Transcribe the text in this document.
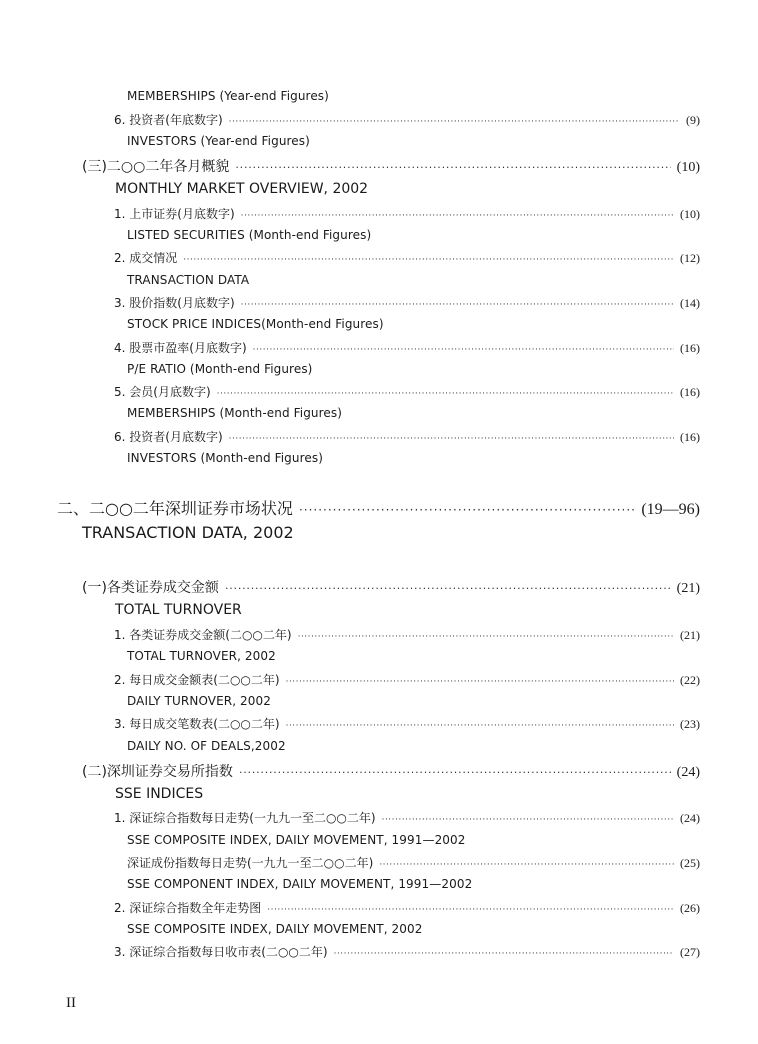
MEMBERSHIPS (Year-end Figures)
6. 投资者(年底数字) ·····	(9)
INVESTORS (Year-end Figures)
(三)二○○二年各月概貌 ·····	(10)
MONTHLY MARKET OVERVIEW, 2002
1. 上市证券(月底数字) ·····	(10)
LISTED SECURITIES (Month-end Figures)
2. 成交情况 ·····	(12)
TRANSACTION DATA
3. 股价指数(月底数字) ·····	(14)
STOCK PRICE INDICES(Month-end Figures)
4. 股票市盈率(月底数字) ·····	(16)
P/E RATIO (Month-end Figures)
5. 会员(月底数字) ·····	(16)
MEMBERSHIPS (Month-end Figures)
6. 投资者(月底数字) ·····	(16)
INVESTORS (Month-end Figures)
二、二○○二年深圳证券市场状况 ·····	(19—96)
TRANSACTION DATA, 2002
(一)各类证券成交金额 ·····	(21)
TOTAL TURNOVER
1. 各类证券成交金额(二○○二年) ·····	(21)
TOTAL TURNOVER, 2002
2. 每日成交金额表(二○○二年) ·····	(22)
DAILY TURNOVER, 2002
3. 每日成交笔数表(二○○二年) ·····	(23)
DAILY NO. OF DEALS,2002
(二)深圳证券交易所指数 ·····	(24)
SSE INDICES
1. 深证综合指数每日走势(一九九一至二○○二年) ·····	(24)
SSE COMPOSITE INDEX, DAILY MOVEMENT, 1991—2002
深证成份指数每日走势(一九九一至二○○二年) ·····	(25)
SSE COMPONENT INDEX, DAILY MOVEMENT, 1991—2002
2. 深证综合指数全年走势图 ·····	(26)
SSE COMPOSITE INDEX, DAILY MOVEMENT, 2002
3. 深证综合指数每日收市表(二○○二年) ·····	(27)
II
